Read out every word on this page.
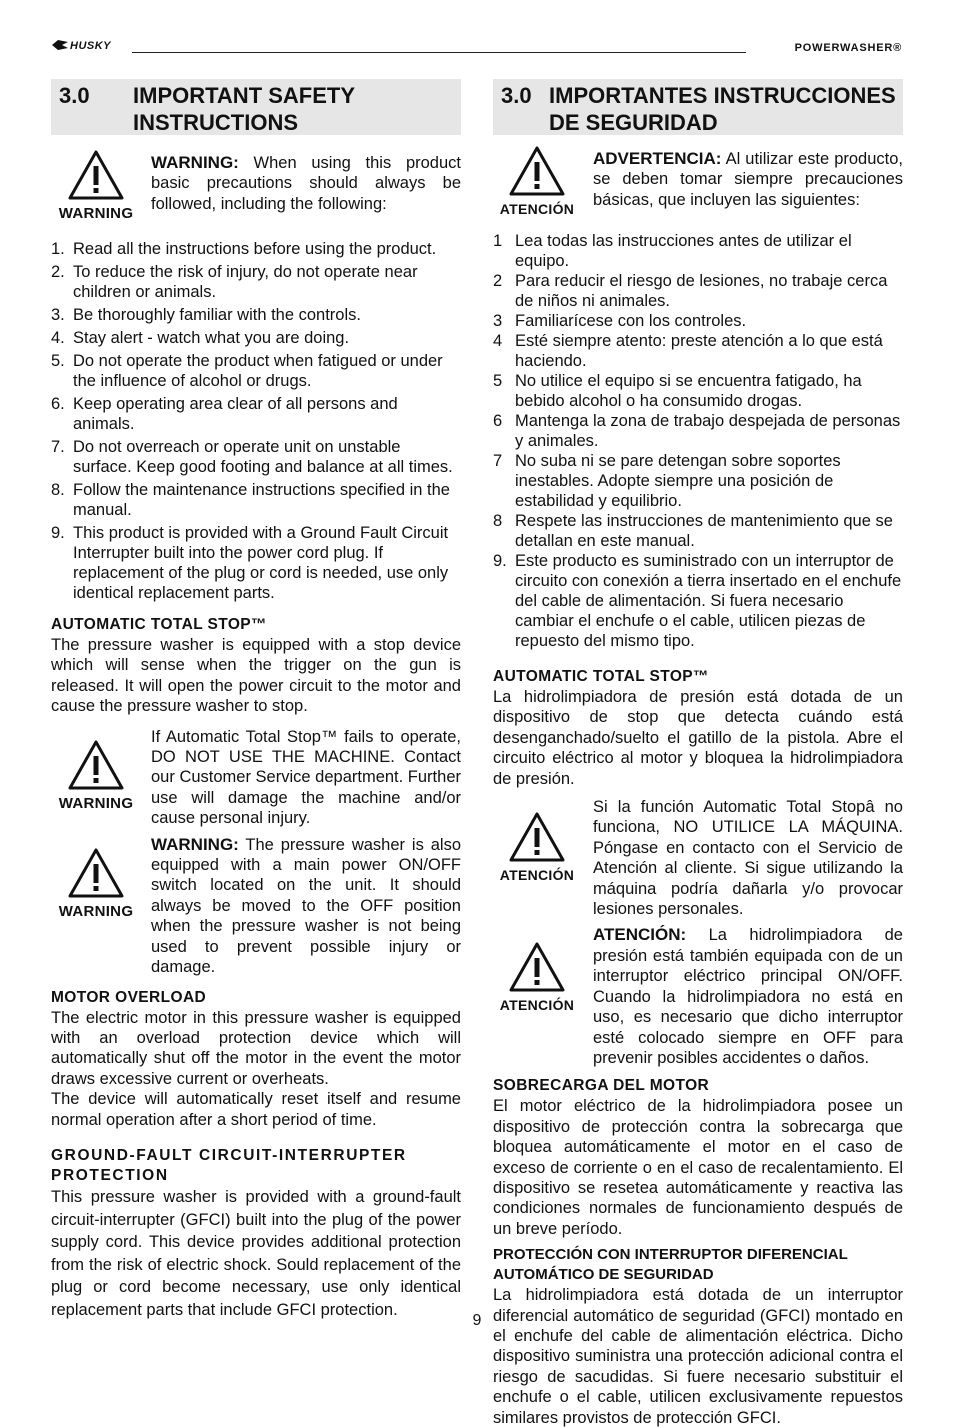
HUSKY	POWERWASHER®
3.0 IMPORTANT SAFETY INSTRUCTIONS
WARNING
WARNING: When using this product basic precautions should always be followed, including the following:
1. Read all the instructions before using the product.
2. To reduce the risk of injury, do not operate near children or animals.
3. Be thoroughly familiar with the controls.
4. Stay alert - watch what you are doing.
5. Do not operate the product when fatigued or under the influence of alcohol or drugs.
6. Keep operating area clear of all persons and animals.
7. Do not overreach or operate unit on unstable surface. Keep good footing and balance at all times.
8. Follow the maintenance instructions specified in the manual.
9. This product is provided with a Ground Fault Circuit Interrupter built into the power cord plug. If replacement of the plug or cord is needed, use only identical replacement parts.
AUTOMATIC TOTAL STOP™
The pressure washer is equipped with a stop device which will sense when the trigger on the gun is released. It will open the power circuit to the motor and cause the pressure washer to stop.
WARNING
If Automatic Total Stop™ fails to operate, DO NOT USE THE MACHINE. Contact our Customer Service department. Further use will damage the machine and/or cause personal injury.
WARNING
WARNING: The pressure washer is also equipped with a main power ON/OFF switch located on the unit. It should always be moved to the OFF position when the pressure washer is not being used to prevent possible injury or damage.
MOTOR OVERLOAD
The electric motor in this pressure washer is equipped with an overload protection device which will automatically shut off the motor in the event the motor draws excessive current or overheats.
The device will automatically reset itself and resume normal operation after a short period of time.
GROUND-FAULT CIRCUIT-INTERRUPTER PROTECTION
This pressure washer is provided with a ground-fault circuit-interrupter (GFCI) built into the plug of the power supply cord. This device provides additional protection from the risk of electric shock. Sould replacement of the plug or cord become necessary, use only identical replacement parts that include GFCI protection.
3.0 IMPORTANTES INSTRUCCIONES DE SEGURIDAD
ATENCIÓN
ADVERTENCIA: Al utilizar este producto, se deben tomar siempre precauciones básicas, que incluyen las siguientes:
1 Lea todas las instrucciones antes de utilizar el equipo.
2 Para reducir el riesgo de lesiones, no trabaje cerca de niños ni animales.
3 Familiarícese con los controles.
4 Esté siempre atento: preste atención a lo que está haciendo.
5 No utilice el equipo si se encuentra fatigado, ha bebido alcohol o ha consumido drogas.
6 Mantenga la zona de trabajo despejada de personas y animales.
7 No suba ni se pare detengan sobre soportes inestables. Adopte siempre una posición de estabilidad y equilibrio.
8 Respete las instrucciones de mantenimiento que se detallan en este manual.
9. Este producto es suministrado con un interruptor de circuito con conexión a tierra insertado en el enchufe del cable de alimentación. Si fuera necesario cambiar el enchufe o el cable, utilicen piezas de repuesto del mismo tipo.
AUTOMATIC TOTAL STOP™
La hidrolimpiadora de presión está dotada de un dispositivo de stop que detecta cuándo está desenganchado/suelto el gatillo de la pistola. Abre el circuito eléctrico al motor y bloquea la hidrolimpiadora de presión.
ATENCIÓN
Si la función Automatic Total Stopâ no funciona, NO UTILICE LA MÁQUINA. Póngase en contacto con el Servicio de Atención al cliente. Si sigue utilizando la máquina podría dañarla y/o provocar lesiones personales.
ATENCIÓN
ATENCIÓN: La hidrolimpiadora de presión está también equipada con de un interruptor eléctrico principal ON/OFF. Cuando la hidrolimpiadora no está en uso, es necesario que dicho interruptor esté colocado siempre en OFF para prevenir posibles accidentes o daños.
SOBRECARGA DEL MOTOR
El motor eléctrico de la hidrolimpiadora posee un dispositivo de protección contra la sobrecarga que bloquea automáticamente el motor en el caso de exceso de corriente o en el caso de recalentamiento. El dispositivo se resetea automáticamente y reactiva las condiciones normales de funcionamiento después de un breve período.
PROTECCIÓN CON INTERRUPTOR DIFERENCIAL AUTOMÁTICO DE SEGURIDAD
La hidrolimpiadora está dotada de un interruptor diferencial automático de seguridad (GFCI) montado en el enchufe del cable de alimentación eléctrica. Dicho dispositivo suministra una protección adicional contra el riesgo de sacudidas. Si fuere necesario substituir el enchufe o el cable, utilicen exclusivamente repuestos similares provistos de protección GFCI.
9
